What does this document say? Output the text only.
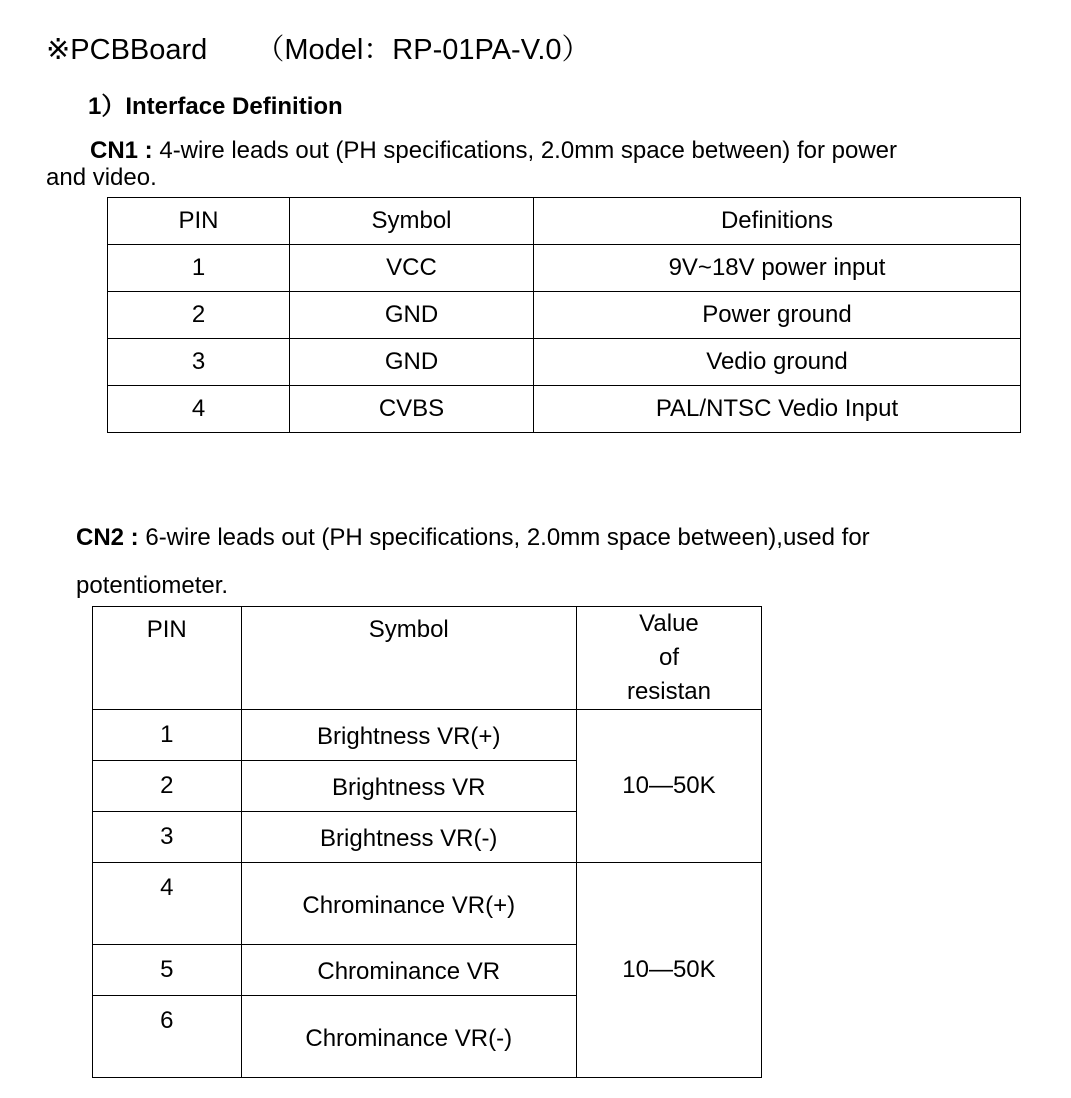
※PCBBoard （Model：RP-01PA-V.0）
1）Interface Definition
CN1 : 4-wire leads out (PH specifications, 2.0mm space between) for power
and video.
PIN	Symbol	Definitions
1	VCC	9V~18V power input
2	GND	Power ground
3	GND	Vedio ground
4	CVBS	PAL/NTSC Vedio Input
CN2 : 6-wire leads out (PH specifications, 2.0mm space between),used for
potentiometer.
PIN	Symbol	Value of resistan
1	Brightness VR(+)	10—50K
2	Brightness VR	
3	Brightness VR(-)	
4	Chrominance VR(+)	10—50K
5	Chrominance VR	
6	Chrominance VR(-)	
